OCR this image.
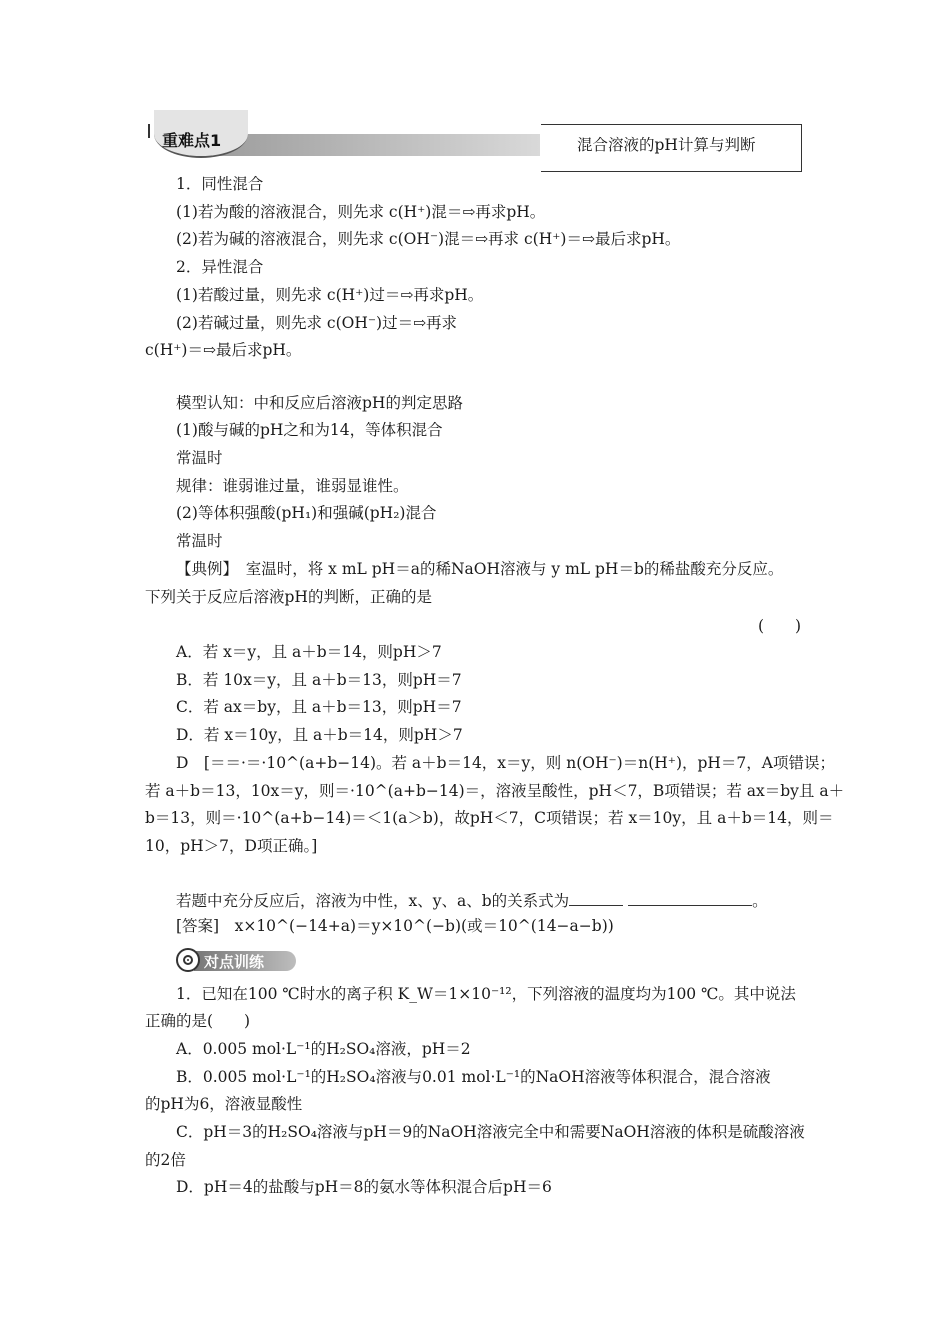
重难点1	混合溶液的pH计算与判断
1．同性混合
(1)若为酸的溶液混合，则先求 c(H⁺)混＝⇨再求pH。
(2)若为碱的溶液混合，则先求 c(OH⁻)混＝⇨再求 c(H⁺)＝⇨最后求pH。
2．异性混合
(1)若酸过量，则先求 c(H⁺)过＝⇨再求pH。
(2)若碱过量，则先求 c(OH⁻)过＝⇨再求
c(H⁺)＝⇨最后求pH。
模型认知：中和反应后溶液pH的判定思路
(1)酸与碱的pH之和为14，等体积混合
常温时
规律：谁弱谁过量，谁弱显谁性。
(2)等体积强酸(pH₁)和强碱(pH₂)混合
常温时
【典例】　室温时，将 x mL pH＝a的稀NaOH溶液与 y mL pH＝b的稀盐酸充分反应。
下列关于反应后溶液pH的判断，正确的是
(　　)
A．若 x＝y，且 a＋b＝14，则pH＞7
B．若 10x＝y，且 a＋b＝13，则pH＝7
C．若 ax＝by，且 a＋b＝13，则pH＝7
D．若 x＝10y，且 a＋b＝14，则pH＞7
D　[＝＝·＝·10^(a+b−14)。若 a＋b＝14，x＝y，则 n(OH⁻)＝n(H⁺)，pH＝7，A项错误；
若 a＋b＝13，10x＝y，则＝·10^(a+b−14)＝，溶液呈酸性，pH＜7，B项错误；若 ax＝by且 a＋
b＝13，则＝·10^(a+b−14)＝＜1(a＞b)，故pH＜7，C项错误；若 x＝10y，且 a＋b＝14，则＝
10，pH＞7，D项正确。]
若题中充分反应后，溶液为中性，x、y、a、b的关系式为	。
[答案]　x×10^(−14+a)＝y×10^(−b)(或＝10^(14−a−b))
对点训练
1．已知在100 ℃时水的离子积 K_W＝1×10⁻¹²，下列溶液的温度均为100 ℃。其中说法
正确的是(　　)
A．0.005 mol·L⁻¹的H₂SO₄溶液，pH＝2
B．0.005 mol·L⁻¹的H₂SO₄溶液与0.01 mol·L⁻¹的NaOH溶液等体积混合，混合溶液
的pH为6，溶液显酸性
C．pH＝3的H₂SO₄溶液与pH＝9的NaOH溶液完全中和需要NaOH溶液的体积是硫酸溶液
的2倍
D．pH＝4的盐酸与pH＝8的氨水等体积混合后pH＝6
